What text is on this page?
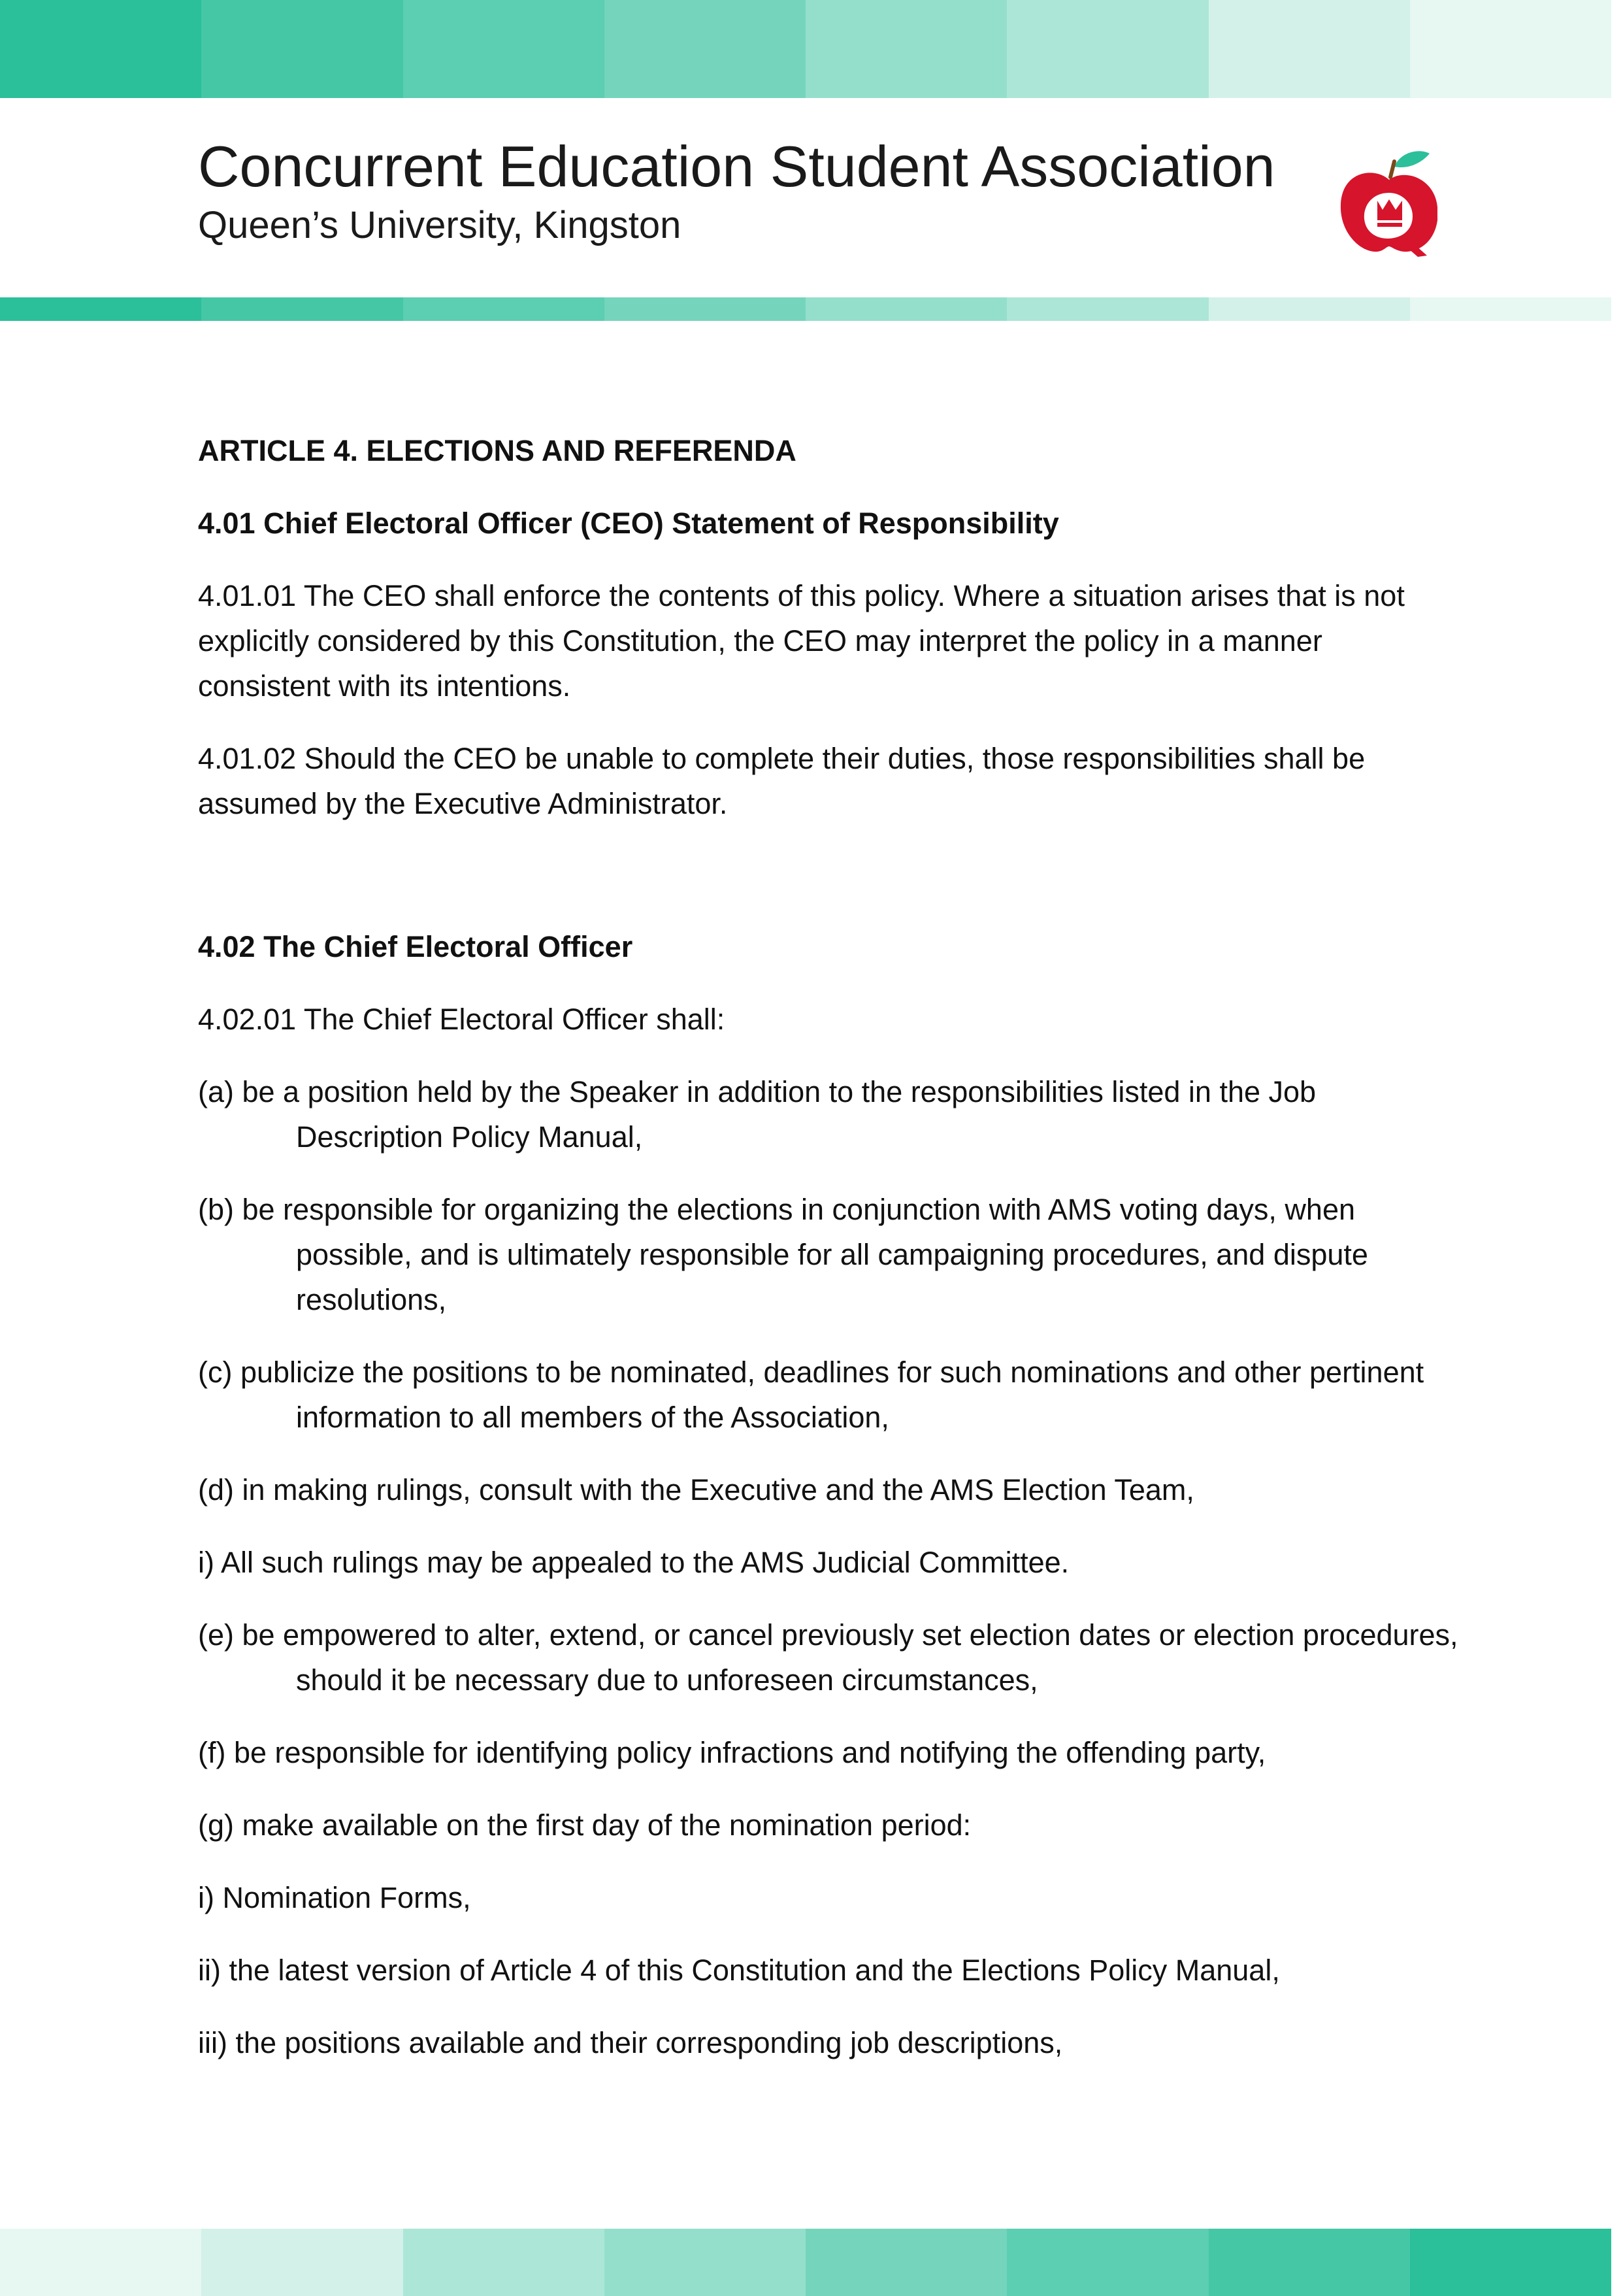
Concurrent Education Student Association
Queen’s University, Kingston

ARTICLE 4. ELECTIONS AND REFERENDA

4.01 Chief Electoral Officer (CEO) Statement of Responsibility

4.01.01 The CEO shall enforce the contents of this policy. Where a situation arises that is not explicitly considered by this Constitution, the CEO may interpret the policy in a manner consistent with its intentions.

4.01.02 Should the CEO be unable to complete their duties, those responsibilities shall be assumed by the Executive Administrator.

4.02 The Chief Electoral Officer

4.02.01 The Chief Electoral Officer shall:

(a) be a position held by the Speaker in addition to the responsibilities listed in the Job Description Policy Manual,

(b) be responsible for organizing the elections in conjunction with AMS voting days, when possible, and is ultimately responsible for all campaigning procedures, and dispute resolutions,

(c) publicize the positions to be nominated, deadlines for such nominations and other pertinent information to all members of the Association,

(d) in making rulings, consult with the Executive and the AMS Election Team,

i) All such rulings may be appealed to the AMS Judicial Committee.

(e) be empowered to alter, extend, or cancel previously set election dates or election procedures, should it be necessary due to unforeseen circumstances,

(f) be responsible for identifying policy infractions and notifying the offending party,

(g) make available on the first day of the nomination period:

i) Nomination Forms,

ii) the latest version of Article 4 of this Constitution and the Elections Policy Manual,

iii) the positions available and their corresponding job descriptions,
